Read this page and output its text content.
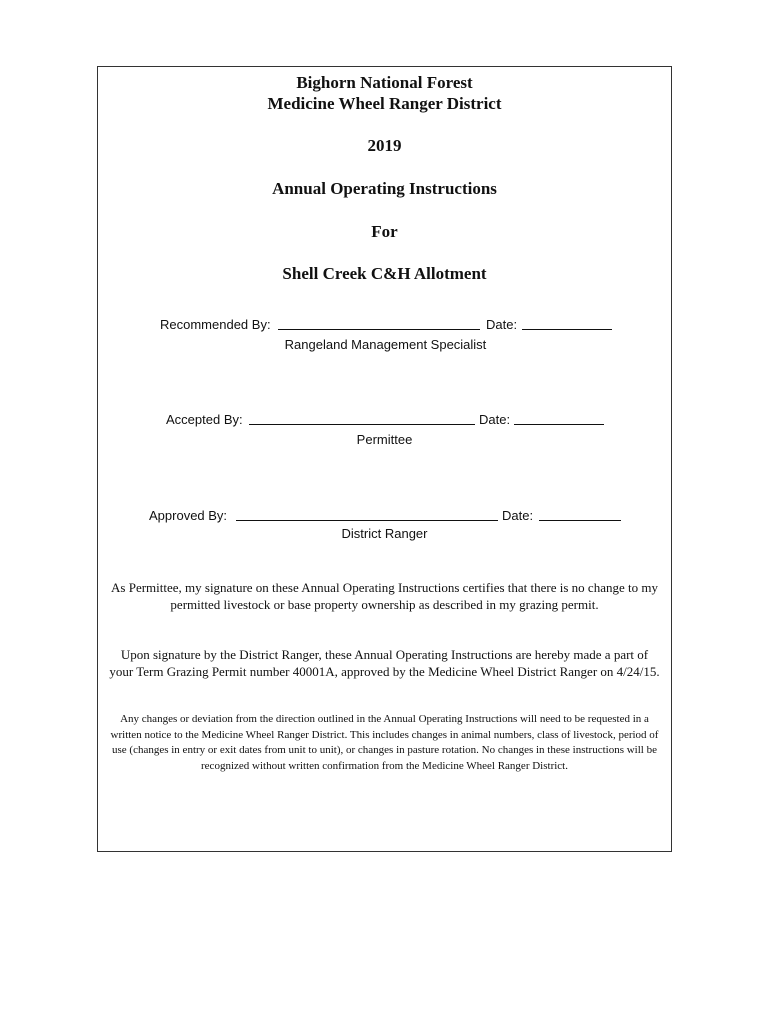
Bighorn National Forest
Medicine Wheel Ranger District
2019
Annual Operating Instructions
For
Shell Creek C&H Allotment
Recommended By:	Date:
Rangeland Management Specialist
Accepted By:	Date:
Permittee
Approved By:	Date:
District Ranger
As Permittee, my signature on these Annual Operating Instructions certifies that there is no change to my permitted livestock or base property ownership as described in my grazing permit.
Upon signature by the District Ranger, these Annual Operating Instructions are hereby made a part of your Term Grazing Permit number 40001A, approved by the Medicine Wheel District Ranger on 4/24/15.
Any changes or deviation from the direction outlined in the Annual Operating Instructions will need to be requested in a written notice to the Medicine Wheel Ranger District. This includes changes in animal numbers, class of livestock, period of use (changes in entry or exit dates from unit to unit), or changes in pasture rotation. No changes in these instructions will be recognized without written confirmation from the Medicine Wheel Ranger District.
